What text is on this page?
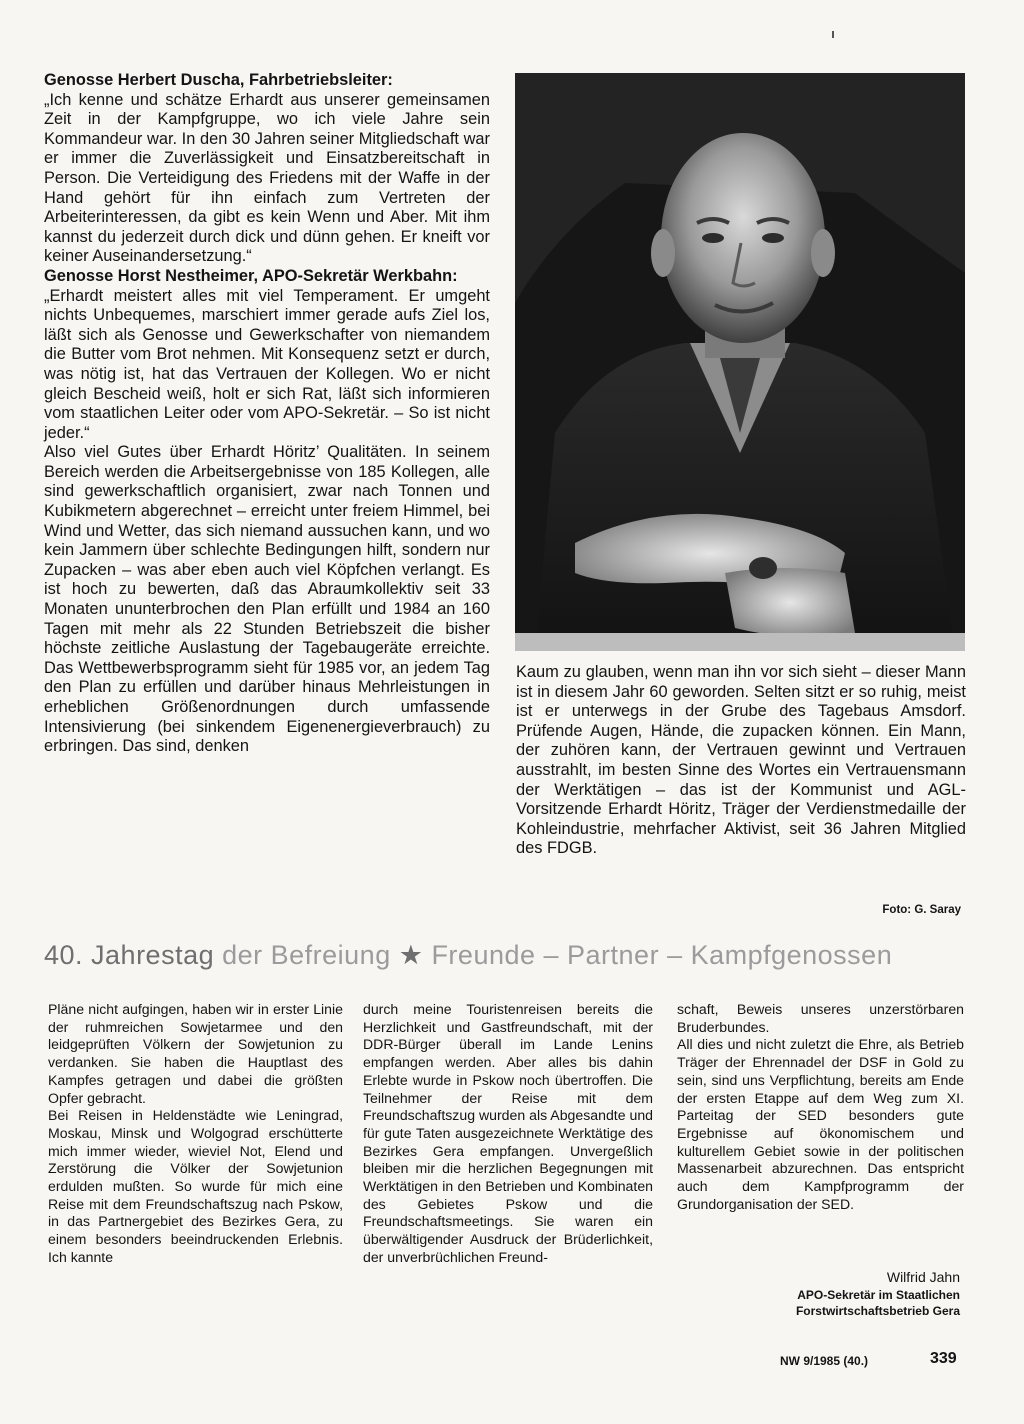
Genosse Herbert Duscha, Fahrbetriebsleiter:

„Ich kenne und schätze Erhardt aus unserer gemeinsamen Zeit in der Kampfgruppe, wo ich viele Jahre sein Kommandeur war. In den 30 Jahren seiner Mitgliedschaft war er immer die Zuverlässigkeit und Einsatzbereitschaft in Person. Die Verteidigung des Friedens mit der Waffe in der Hand gehört für ihn einfach zum Vertreten der Arbeiterinteressen, da gibt es kein Wenn und Aber. Mit ihm kannst du jederzeit durch dick und dünn gehen. Er kneift vor keiner Auseinandersetzung.“

Genosse Horst Nestheimer, APO-Sekretär Werkbahn:

„Erhardt meistert alles mit viel Temperament. Er umgeht nichts Unbequemes, marschiert immer gerade aufs Ziel los, läßt sich als Genosse und Gewerkschafter von niemandem die Butter vom Brot nehmen. Mit Konsequenz setzt er durch, was nötig ist, hat das Vertrauen der Kollegen. Wo er nicht gleich Bescheid weiß, holt er sich Rat, läßt sich informieren vom staatlichen Leiter oder vom APO-Sekretär. – So ist nicht jeder.“

Also viel Gutes über Erhardt Höritz’ Qualitäten. In seinem Bereich werden die Arbeitsergebnisse von 185 Kollegen, alle sind gewerkschaftlich organisiert, zwar nach Tonnen und Kubikmetern abgerechnet – erreicht unter freiem Himmel, bei Wind und Wetter, das sich niemand aussuchen kann, und wo kein Jammern über schlechte Bedingungen hilft, sondern nur Zupacken – was aber eben auch viel Köpfchen verlangt. Es ist hoch zu bewerten, daß das Abraumkollektiv seit 33 Monaten ununterbrochen den Plan erfüllt und 1984 an 160 Tagen mit mehr als 22 Stunden Betriebszeit die bisher höchste zeitliche Auslastung der Tagebaugeräte erreichte. Das Wettbewerbsprogramm sieht für 1985 vor, an jedem Tag den Plan zu erfüllen und darüber hinaus Mehrleistungen in erheblichen Größenordnungen durch umfassende Intensivierung (bei sinkendem Eigenenergieverbrauch) zu erbringen. Das sind, denken

Kaum zu glauben, wenn man ihn vor sich sieht – dieser Mann ist in diesem Jahr 60 geworden. Selten sitzt er so ruhig, meist ist er unterwegs in der Grube des Tagebaus Amsdorf. Prüfende Augen, Hände, die zupacken können. Ein Mann, der zuhören kann, der Vertrauen gewinnt und Vertrauen ausstrahlt, im besten Sinne des Wortes ein Vertrauensmann der Werktätigen – das ist der Kommunist und AGL-Vorsitzende Erhardt Höritz, Träger der Verdienstmedaille der Kohleindustrie, mehrfacher Aktivist, seit 36 Jahren Mitglied des FDGB.

Foto: G. Saray
40. Jahrestag der Befreiung ★ Freunde – Partner – Kampfgenossen

Pläne nicht aufgingen, haben wir in erster Linie der ruhmreichen Sowjetarmee und den leidgeprüften Völkern der Sowjetunion zu verdanken. Sie haben die Hauptlast des Kampfes getragen und dabei die größten Opfer gebracht.

Bei Reisen in Heldenstädte wie Leningrad, Moskau, Minsk und Wolgograd erschütterte mich immer wieder, wieviel Not, Elend und Zerstörung die Völker der Sowjetunion erdulden mußten. So wurde für mich eine Reise mit dem Freundschaftszug nach Pskow, in das Partnergebiet des Bezirkes Gera, zu einem besonders beeindruckenden Erlebnis. Ich kannte

durch meine Touristenreisen bereits die Herzlichkeit und Gastfreundschaft, mit der DDR-Bürger überall im Lande Lenins empfangen werden. Aber alles bis dahin Erlebte wurde in Pskow noch übertroffen. Die Teilnehmer der Reise mit dem Freundschaftszug wurden als Abgesandte und für gute Taten ausgezeichnete Werktätige des Bezirkes Gera empfangen. Unvergeßlich bleiben mir die herzlichen Begegnungen mit Werktätigen in den Betrieben und Kombinaten des Gebietes Pskow und die Freundschaftsmeetings. Sie waren ein überwältigender Ausdruck der Brüderlichkeit, der unverbrüchlichen Freund-

schaft, Beweis unseres unzerstörbaren Bruderbundes.

All dies und nicht zuletzt die Ehre, als Betrieb Träger der Ehrennadel der DSF in Gold zu sein, sind uns Verpflichtung, bereits am Ende der ersten Etappe auf dem Weg zum XI. Parteitag der SED besonders gute Ergebnisse auf ökonomischem und kulturellem Gebiet sowie in der politischen Massenarbeit abzurechnen. Das entspricht auch dem Kampfprogramm der Grundorganisation der SED.

Wilfrid Jahn
APO-Sekretär im Staatlichen Forstwirtschaftsbetrieb Gera
NW 9/1985 (40.)	339
